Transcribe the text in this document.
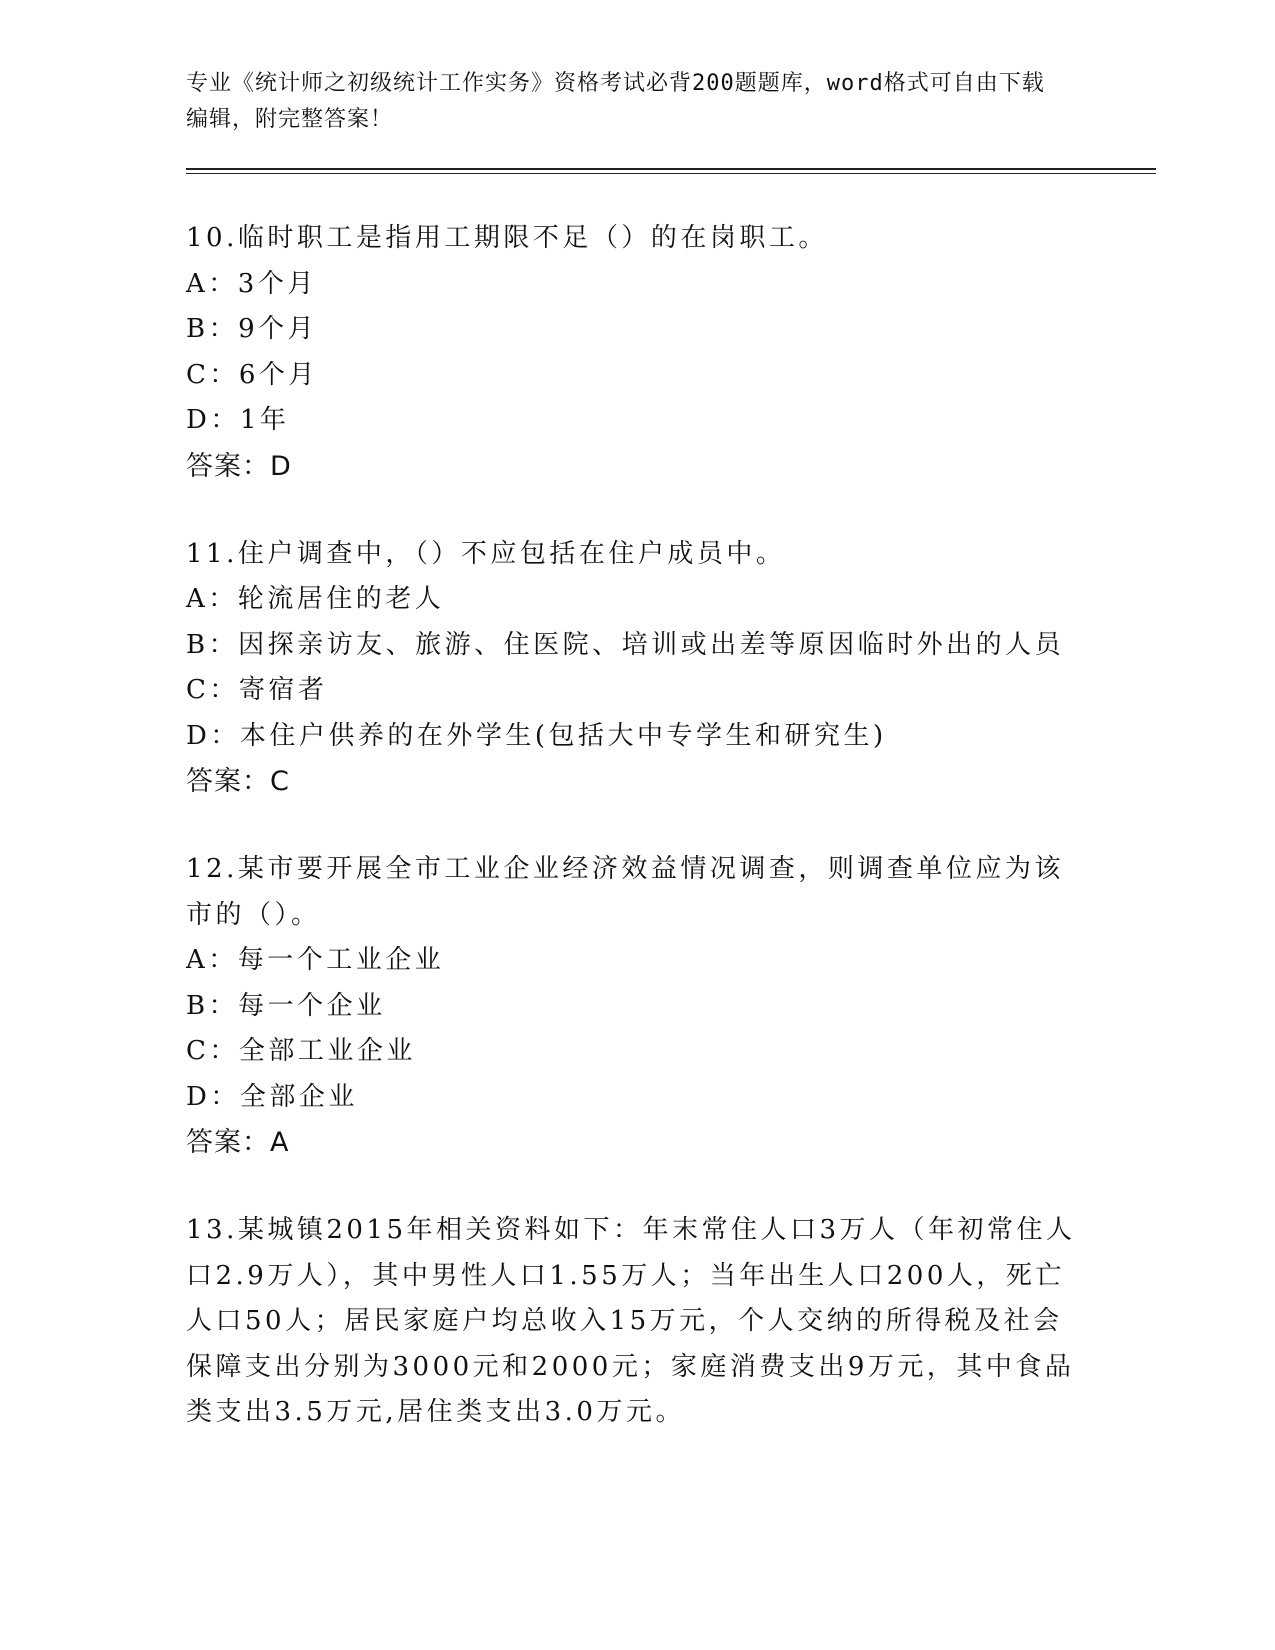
专业《统计师之初级统计工作实务》资格考试必背200题题库，word格式可自由下载编辑，附完整答案！
10.临时职工是指用工期限不足（）的在岗职工。
A：3个月
B：9个月
C：6个月
D：1年
答案：D
11.住户调查中，（）不应包括在住户成员中。
A：轮流居住的老人
B：因探亲访友、旅游、住医院、培训或出差等原因临时外出的人员
C：寄宿者
D：本住户供养的在外学生(包括大中专学生和研究生)
答案：C
12.某市要开展全市工业企业经济效益情况调查，则调查单位应为该市的（）。
A：每一个工业企业
B：每一个企业
C：全部工业企业
D：全部企业
答案：A
13.某城镇2015年相关资料如下：年末常住人口3万人（年初常住人口2.9万人），其中男性人口1.55万人；当年出生人口200人，死亡人口50人；居民家庭户均总收入15万元，个人交纳的所得税及社会保障支出分别为3000元和2000元；家庭消费支出9万元，其中食品类支出3.5万元,居住类支出3.0万元。
